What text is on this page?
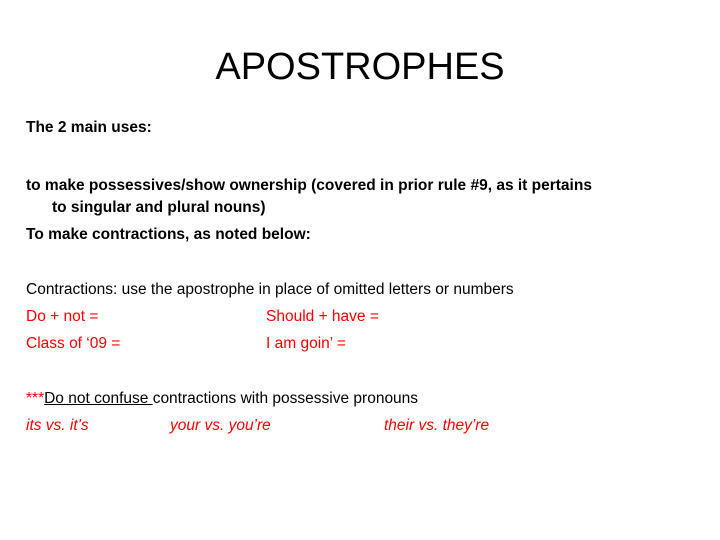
APOSTROPHES
The 2 main uses:
to make possessives/show ownership (covered in prior rule #9, as it pertains
to singular and plural nouns)
To make contractions, as noted below:
Contractions: use the apostrophe in place of omitted letters or numbers
Do + not =	Should + have =
Class of ‘09 =	I am goin’ =
***Do not confuse contractions with possessive pronouns
its vs. it’s	your vs. you’re	their vs. they’re
